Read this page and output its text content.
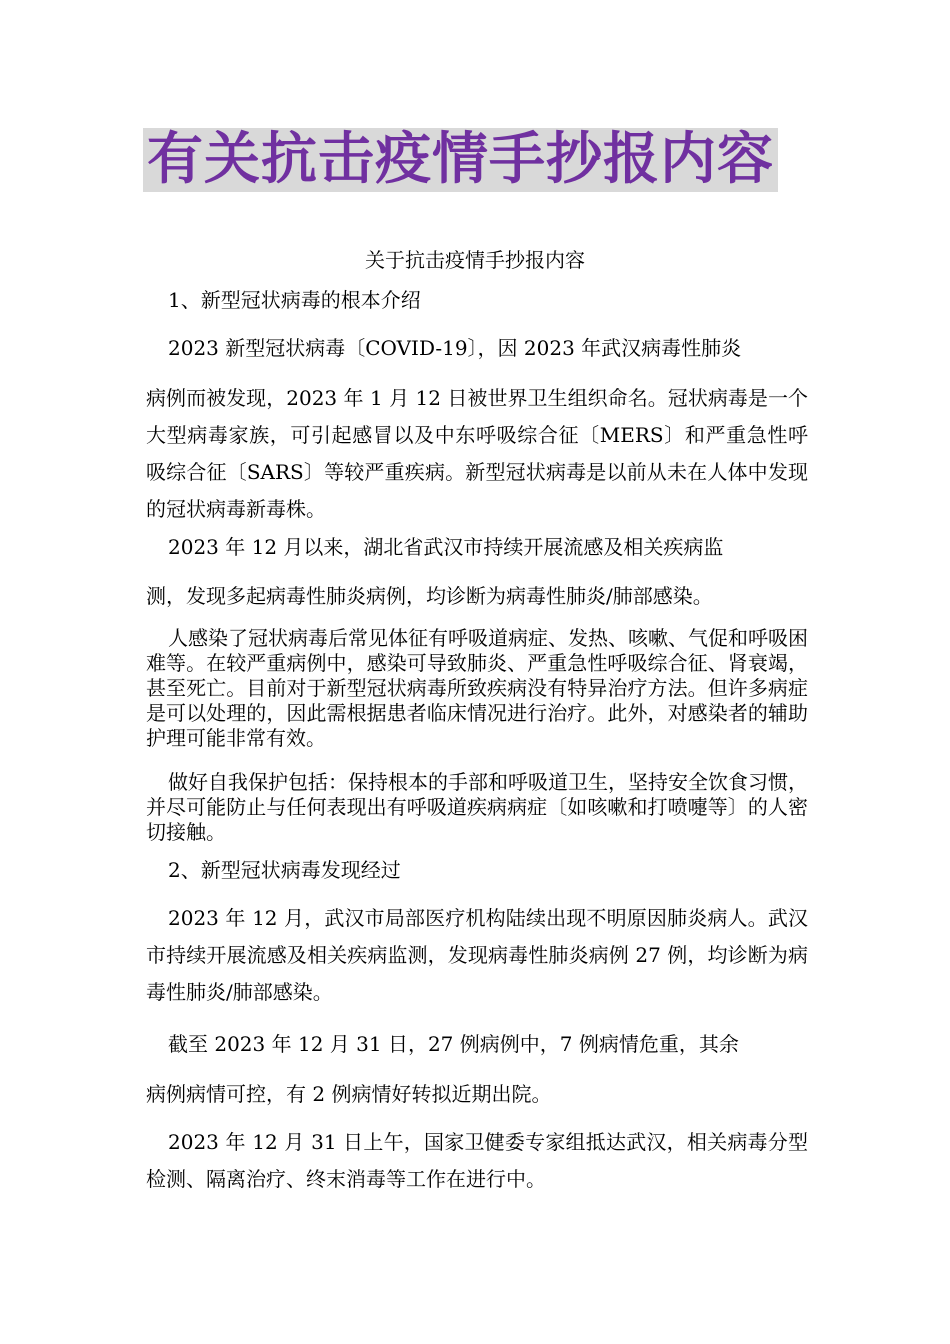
有关抗击疫情手抄报内容

关于抗击疫情手抄报内容

1、新型冠状病毒的根本介绍

2023 新型冠状病毒〔COVID-19〕，因 2023 年武汉病毒性肺炎

病例而被发现，2023 年 1 月 12 日被世界卫生组织命名。冠状病毒是一个大型病毒家族，可引起感冒以及中东呼吸综合征〔MERS〕和严重急性呼吸综合征〔SARS〕等较严重疾病。新型冠状病毒是以前从未在人体中发现的冠状病毒新毒株。

2023 年 12 月以来，湖北省武汉市持续开展流感及相关疾病监

测，发现多起病毒性肺炎病例，均诊断为病毒性肺炎/肺部感染。

人感染了冠状病毒后常见体征有呼吸道病症、发热、咳嗽、气促和呼吸困难等。在较严重病例中，感染可导致肺炎、严重急性呼吸综合征、肾衰竭，甚至死亡。目前对于新型冠状病毒所致疾病没有特异治疗方法。但许多病症是可以处理的，因此需根据患者临床情况进行治疗。此外，对感染者的辅助护理可能非常有效。

做好自我保护包括：保持根本的手部和呼吸道卫生，坚持安全饮食习惯，并尽可能防止与任何表现出有呼吸道疾病病症〔如咳嗽和打喷嚏等〕的人密切接触。

2、新型冠状病毒发现经过

2023 年 12 月，武汉市局部医疗机构陆续出现不明原因肺炎病人。武汉市持续开展流感及相关疾病监测，发现病毒性肺炎病例 27 例，均诊断为病毒性肺炎/肺部感染。

截至 2023 年 12 月 31 日，27 例病例中，7 例病情危重，其余

病例病情可控，有 2 例病情好转拟近期出院。

2023 年 12 月 31 日上午，国家卫健委专家组抵达武汉，相关病毒分型检测、隔离治疗、终末消毒等工作在进行中。
